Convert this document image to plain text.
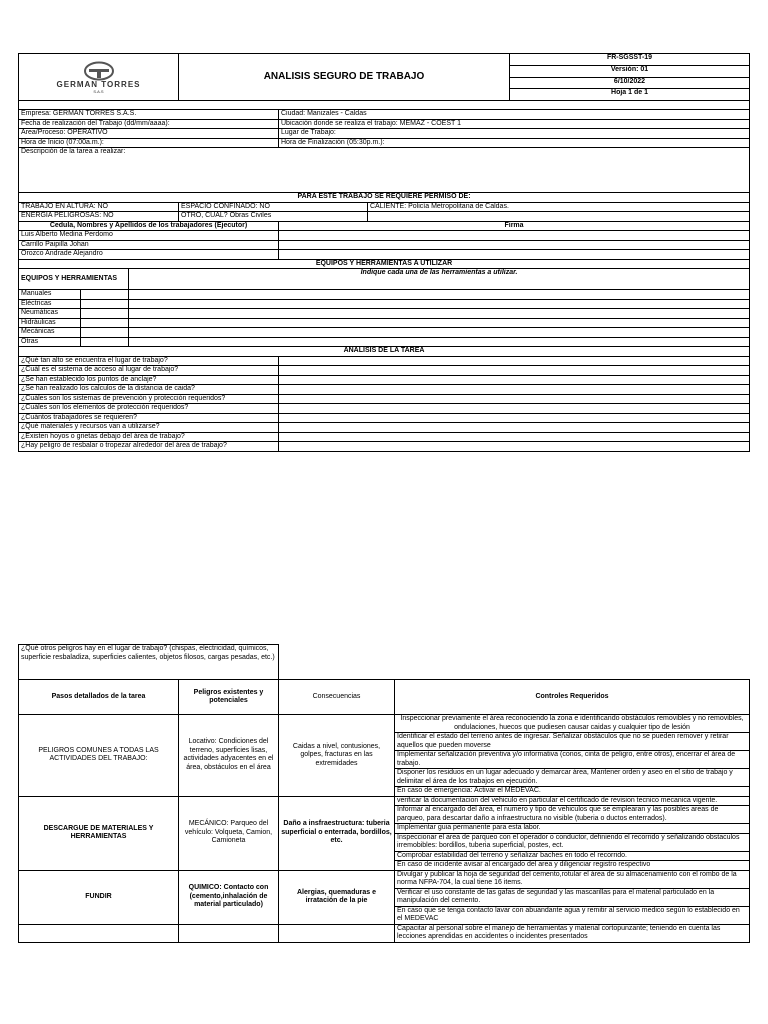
GERMAN TORRES
S.A.S
	ANALISIS SEGURO DE TRABAJO	FR-SGSST-19
Versión: 01
6/10/2022
Hoja 1 de 1

Empresa: GERMAN TORRES S.A.S.	Ciudad: Manizales - Caldas
Fecha de realización del Trabajo (dd/mm/aaaa):	Ubicación donde se realiza el trabajo: MEMAZ - COEST 1
Área/Proceso: OPERATIVO	Lugar de Trabajo:
Hora de Inicio (07:00a.m.):	Hora de Finalización (05:30p.m.):
Descripción de la tarea a realizar:	
PARA ESTE TRABAJO SE REQUIERE PERMISO DE:		
TRABAJO EN ALTURA: NO	ESPACIO CONFINADO: NO	CALIENTE: Policía Metropolitana de Caldas.
ENERGIA PELIGROSAS: NO	OTRO, CUAL? Obras Civiles	
Cedula, Nombres y Apellidos de los trabajadores (Ejecutor)	Firma
Luis Alberto Medina Perdomo	
Carrillo Paipilla Johan	
Orozco Andrade Alejandro	
EQUIPOS Y HERRAMIENTAS A UTILIZAR		
EQUIPOS Y HERRAMIENTAS		Indique cada una de las herramientas a utilizar.
Manuales		
Eléctricas		
Neumáticas		
Hidráulicas		
Mecánicas		
Otras		
ANALISIS DE LA TAREA	
¿Qué tan alto se encuentra el lugar de trabajo?	
¿Cuál es el sistema de acceso al lugar de trabajo?	
¿Se han establecido los puntos de anclaje?	
¿Se han realizado los calculos de la distancia de caida?	
¿Cuáles son los sistemas de prevención y protección requeridos?	
¿Cuáles son los elementos de protección requeridos?	
¿Cuántos trabajadores se requieren?	
¿Qué materiales y recursos van a utilizarse?	
¿Existen hoyos o grietas debajo del área de trabajo?	
¿Hay peligro de resbalar o tropezar alrededor del área de trabajo?	
¿Qué otros peligros hay en el lugar de trabajo? (chispas, electricidad, químicos, superficie resbaladiza, superficies calientes, objetos filosos, cargas pesadas, etc.)			
Pasos detallados de la tarea	Peligros existentes y potenciales	Consecuencias	Controles Requeridos
PELIGROS COMUNES A TODAS LAS ACTIVIDADES DEL TRABAJO:	Locativo: Condiciones del terreno, superficies lisas, actividades adyacentes en el área, obstáculos en el área	Caidas a nivel, contusiones, golpes, fracturas en las extremidades	Inspeccionar previamente el área reconociendo la zona e identificando obstáculos removibles y no removibles, ondulaciones, huecos que pudiesen causar caidas y cualquier tipo de lesión
			Identificar el estado del terreno antes de ingresar. Señalizar obstáculos que no se pueden remover y retirar aquellos que pueden moverse
			Implementar señalización preventiva y/o informativa (conos, cinta de peligro, entre otros), encerrar el área de trabajo.
			Disponer los residuos en un lugar adecuado y demarcar área, Mantener orden y aseo en el sitio de trabajo y delimitar el área de los trabajos en ejecución.
			En caso de emergencia: Activar el MEDEVAC.
DESCARGUE DE MATERIALES Y HERRAMIENTAS	MECÁNICO: Parqueo del vehículo: Volqueta, Camion, Camioneta	Daño a insfraestructura: tuberia superficial o enterrada, bordillos, etc.	verificar la documentacion del vehiculo en particular el certificado de revision tecnico mecanica vigente.
			Informar al encargado del área, el numero y tipo de vehiculos que se emplearan y las posibles areas de parqueo, para descartar daño a infraestructura no visible (tuberia o ductos enterrados).
			Implementar guia permanente para esta labor.
			Inspeccionar el area de parqueo con el operador o conductor, definiendo el recorrido y señalizando obstaculos irremobibles: bordillos, tuberia superficial, postes, ect.
			Comprobar estabilidad del terreno y señalizar baches en todo el recorrido.
			En caso de incidente avisar al encargado del area y diligenciar registro respectivo
FUNDIR	QUIMICO: Contacto con (cemento,inhalación de material particulado)	Alergias, quemaduras e irratación de la pie	Divulgar y publicar la hoja de seguridad del cemento,rotular el área de su almacenamiento con el rombo de la norma NFPA-704, la cual tiene 16 items.
			Verificar el uso constante de las gafas de seguridad y las mascarillas para el material particulado en la manipulación del cemento.
			En caso que se tenga contacto lavar con abuandante agua y remitir al servicio medico según lo establecido en el MEDEVAC
			Capacitar al personal sobre el manejo de herramientas y material cortopunzante; teniendo en cuenta las lecciones aprendidas en accidentes o incidentes presentados
